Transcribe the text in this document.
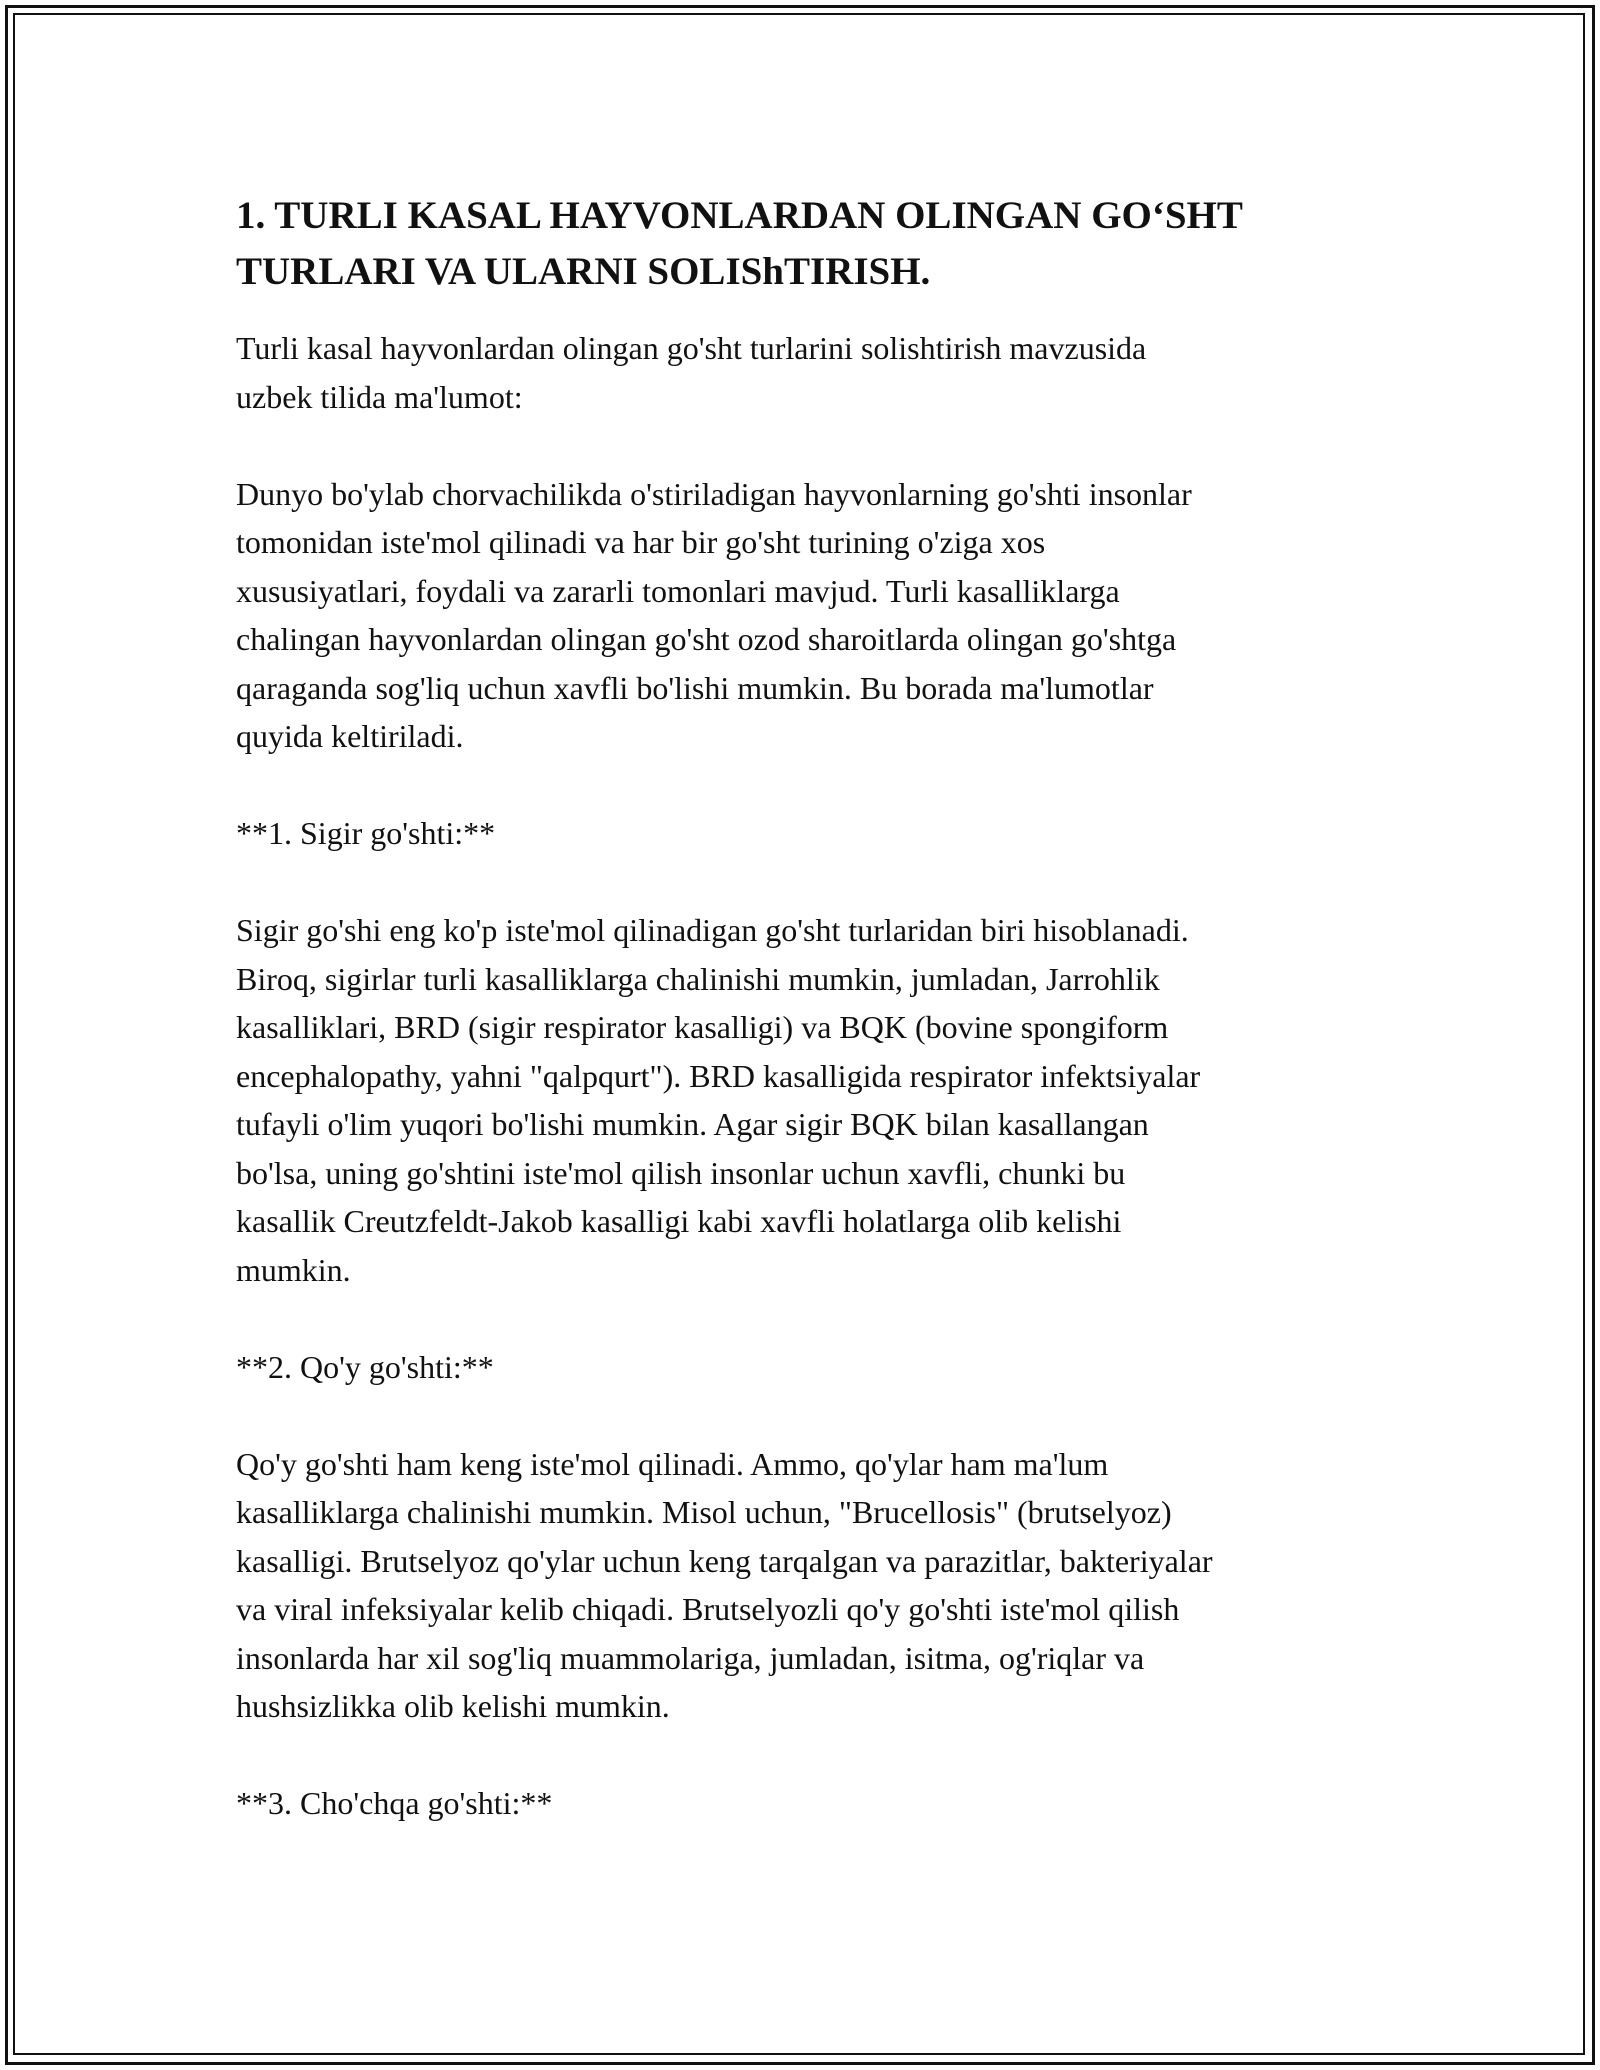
1. TURLI KASAL HAYVONLARDAN OLINGAN GO‘SHT
TURLARI VA ULARNI SOLIShTIRISH.

Turli kasal hayvonlardan olingan go'sht turlarini solishtirish mavzusida
uzbek tilida ma'lumot:

Dunyo bo'ylab chorvachilikda o'stiriladigan hayvonlarning go'shti insonlar
tomonidan iste'mol qilinadi va har bir go'sht turining o'ziga xos
xususiyatlari, foydali va zararli tomonlari mavjud. Turli kasalliklarga
chalingan hayvonlardan olingan go'sht ozod sharoitlarda olingan go'shtga
qaraganda sog'liq uchun xavfli bo'lishi mumkin. Bu borada ma'lumotlar
quyida keltiriladi.

**1. Sigir go'shti:**

Sigir go'shi eng ko'p iste'mol qilinadigan go'sht turlaridan biri hisoblanadi.
Biroq, sigirlar turli kasalliklarga chalinishi mumkin, jumladan, Jarrohlik
kasalliklari, BRD (sigir respirator kasalligi) va BQK (bovine spongiform
encephalopathy, yahni "qalpqurt"). BRD kasalligida respirator infektsiyalar
tufayli o'lim yuqori bo'lishi mumkin. Agar sigir BQK bilan kasallangan
bo'lsa, uning go'shtini iste'mol qilish insonlar uchun xavfli, chunki bu
kasallik Creutzfeldt-Jakob kasalligi kabi xavfli holatlarga olib kelishi
mumkin.

**2. Qo'y go'shti:**

Qo'y go'shti ham keng iste'mol qilinadi. Ammo, qo'ylar ham ma'lum
kasalliklarga chalinishi mumkin. Misol uchun, "Brucellosis" (brutselyoz)
kasalligi. Brutselyoz qo'ylar uchun keng tarqalgan va parazitlar, bakteriyalar
va viral infeksiyalar kelib chiqadi. Brutselyozli qo'y go'shti iste'mol qilish
insonlarda har xil sog'liq muammolariga, jumladan, isitma, og'riqlar va
hushsizlikka olib kelishi mumkin.

**3. Cho'chqa go'shti:**
